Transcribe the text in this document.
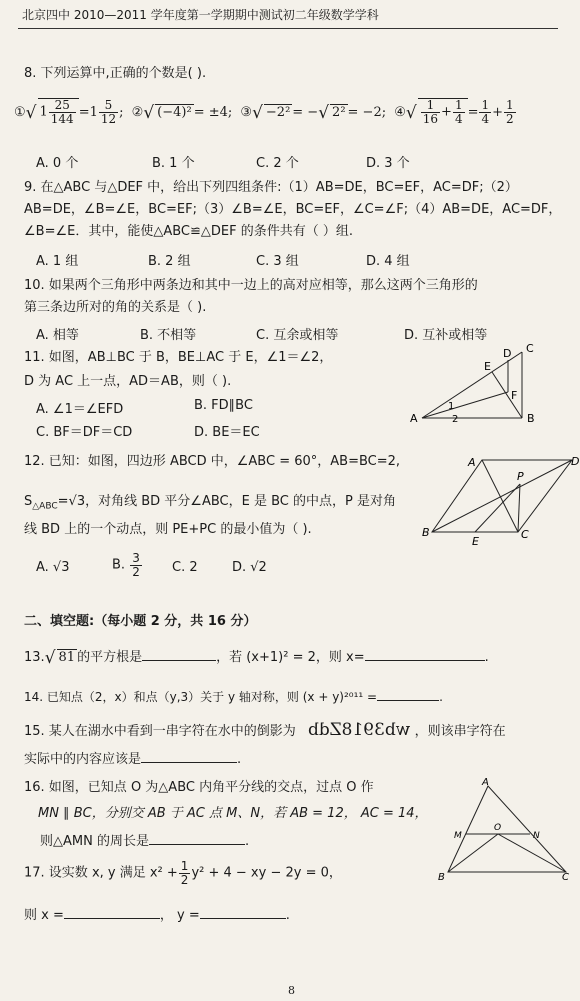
北京四中 2010—2011 学年度第一学期期中测试初二年级数学学科
8. 下列运算中,正确的个数是( ).
①√ $1 \frac{25}{144} =1 \frac{5}{12}$ ; ②√ (−4)² = ±4; ③√ −2² = −√ 2² = −2; ④√ $\frac{1}{16} + \frac{1}{4} = \frac{1}{4} + \frac{1}{2}$
A. 0 个	B. 1 个	C. 2 个	D. 3 个
9. 在△ABC 与△DEF 中，给出下列四组条件:（1）AB=DE，BC=EF，AC=DF;（2）
AB=DE，∠B=∠E，BC=EF;（3）∠B=∠E，BC=EF，∠C=∠F;（4）AB=DE，AC=DF，
∠B=∠E．其中，能使△ABC≌△DEF 的条件共有（ ）组.
A. 1 组	B. 2 组	C. 3 组	D. 4 组
10. 如果两个三角形中两条边和其中一边上的高对应相等，那么这两个三角形的
第三条边所对的角的关系是（ ).
A. 相等	B. 不相等	C. 互余或相等	D. 互补或相等
11. 如图，AB⊥BC 于 B，BE⊥AC 于 E，∠1＝∠2，
D 为 AC 上一点，AD＝AB，则（ ).
A. ∠1＝∠EFD	B. FD∥BC
C. BF＝DF＝CD	D. BE＝EC
A	B
C
D
E
F
1
2
12. 已知：如图，四边形 ABCD 中，∠ABC = 60°，AB=BC=2,
$S_{\triangle ABC}=√3$，对角线 BD 平分∠ABC，E 是 BC 的中点，P 是对角
线 BD 上的一个动点，则 PE+PC 的最小值为（ ).
A. √3	B. $\frac{3}{2} C$. 2	D. √2
A	D
B	C
E
P
二、填空题:（每小题 2 分，共 16 分）
13.√ 81 的平方根是	，若 (x+1)² = 2，则 x=	.
14. 已知点（2，x）和点（y,3）关于 y 轴对称，则 (x + y)²⁰¹¹ =	.
15. 某人在湖水中看到一串字符在水中的倒影为 wb3918Zdb ，则该串字符在
实际中的内容应该是	.
16. 如图，已知点 O 为△ABC 内角平分线的交点，过点 O 作
MN ∥ BC，分别交 AB 于 AC 点 M、N，若 AB = 12， AC = 14，
则△AMN 的周长是	.
A
B	C
M	N
O
17. 设实数 x, y 满足 $x^2 + \frac{1}{2} y^2 + 4$ − xy − 2y = 0，
则 x =	， y =	.
8
